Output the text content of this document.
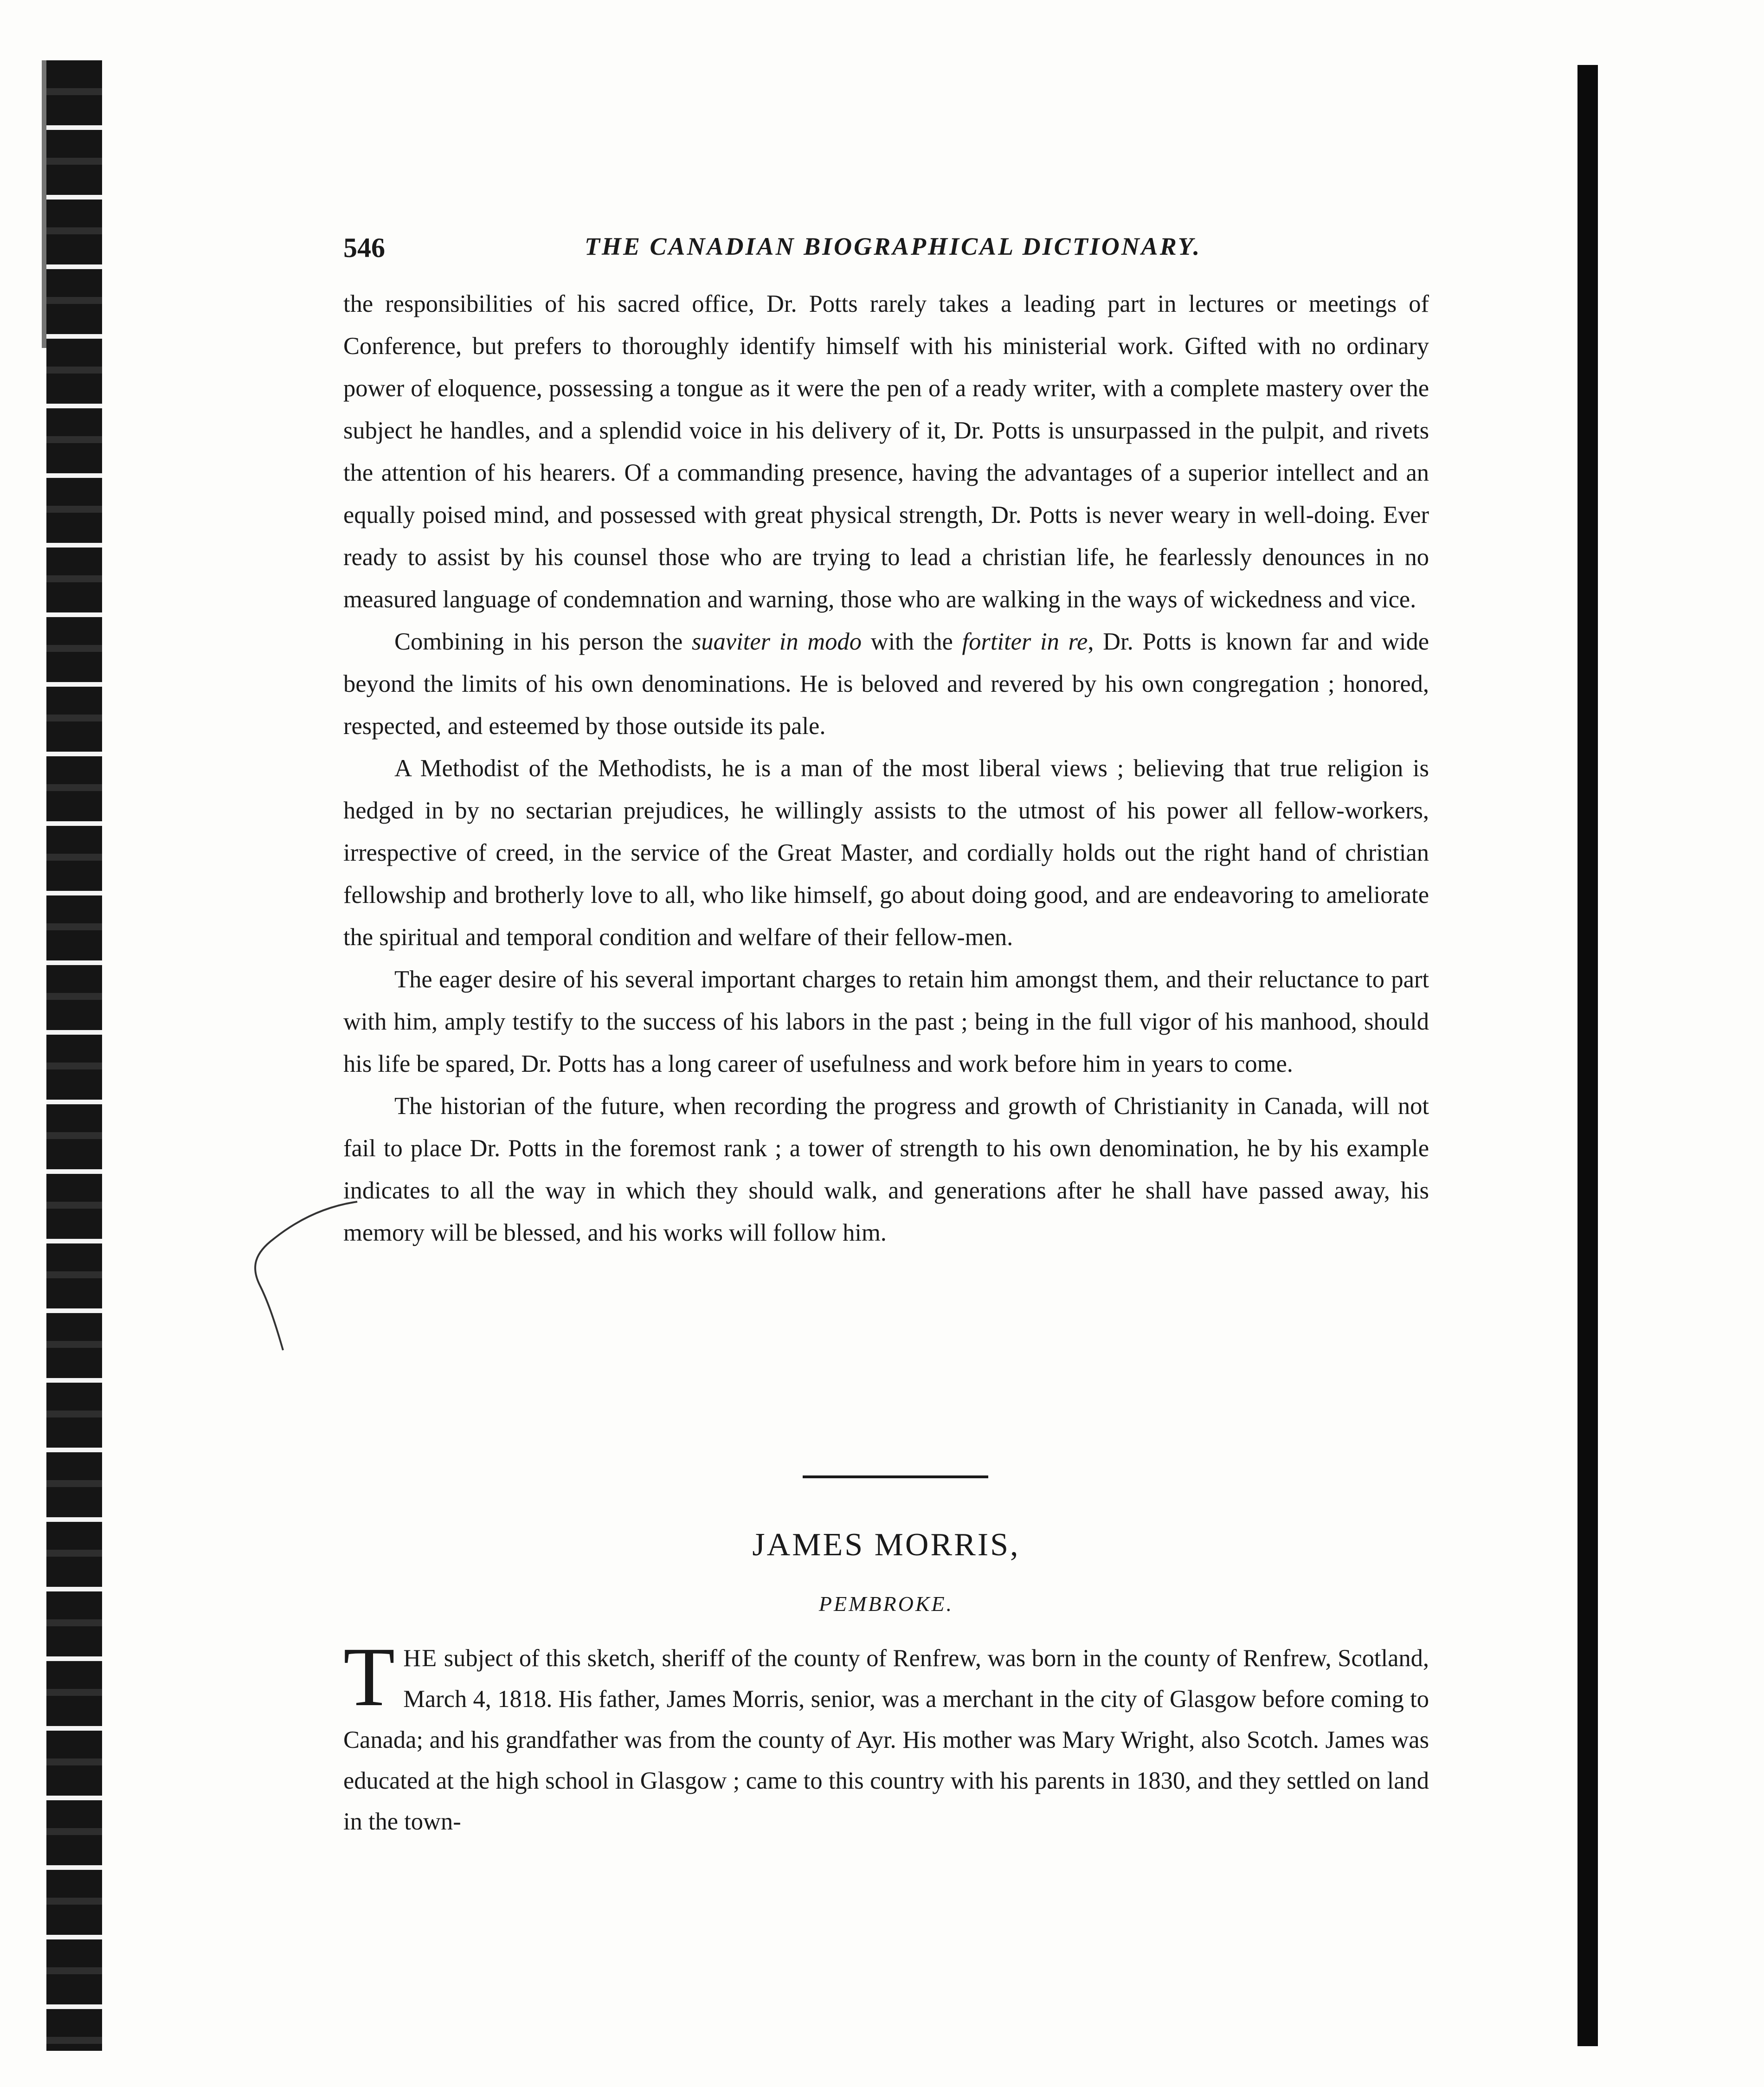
546	THE CANADIAN BIOGRAPHICAL DICTIONARY.

the responsibilities of his sacred office, Dr. Potts rarely takes a leading part in lectures or meetings of Conference, but prefers to thoroughly identify himself with his ministerial work. Gifted with no ordinary power of eloquence, possessing a tongue as it were the pen of a ready writer, with a complete mastery over the subject he handles, and a splendid voice in his delivery of it, Dr. Potts is unsurpassed in the pulpit, and rivets the attention of his hearers. Of a commanding presence, having the advantages of a superior intellect and an equally poised mind, and possessed with great physical strength, Dr. Potts is never weary in well-doing. Ever ready to assist by his counsel those who are trying to lead a christian life, he fearlessly denounces in no measured language of condemnation and warning, those who are walking in the ways of wickedness and vice.

Combining in his person the suaviter in modo with the fortiter in re, Dr. Potts is known far and wide beyond the limits of his own denominations. He is beloved and revered by his own congregation ; honored, respected, and esteemed by those outside its pale.

A Methodist of the Methodists, he is a man of the most liberal views ; believing that true religion is hedged in by no sectarian prejudices, he willingly assists to the utmost of his power all fellow-workers, irrespective of creed, in the service of the Great Master, and cordially holds out the right hand of christian fellowship and brotherly love to all, who like himself, go about doing good, and are endeavoring to ameliorate the spiritual and temporal condition and welfare of their fellow-men.

The eager desire of his several important charges to retain him amongst them, and their reluctance to part with him, amply testify to the success of his labors in the past ; being in the full vigor of his manhood, should his life be spared, Dr. Potts has a long career of usefulness and work before him in years to come.

The historian of the future, when recording the progress and growth of Christianity in Canada, will not fail to place Dr. Potts in the foremost rank ; a tower of strength to his own denomination, he by his example indicates to all the way in which they should walk, and generations after he shall have passed away, his memory will be blessed, and his works will follow him.

JAMES MORRIS,
PEMBROKE.

THE subject of this sketch, sheriff of the county of Renfrew, was born in the county of Renfrew, Scotland, March 4, 1818. His father, James Morris, senior, was a merchant in the city of Glasgow before coming to Canada; and his grandfather was from the county of Ayr. His mother was Mary Wright, also Scotch. James was educated at the high school in Glasgow ; came to this country with his parents in 1830, and they settled on land in the town-
